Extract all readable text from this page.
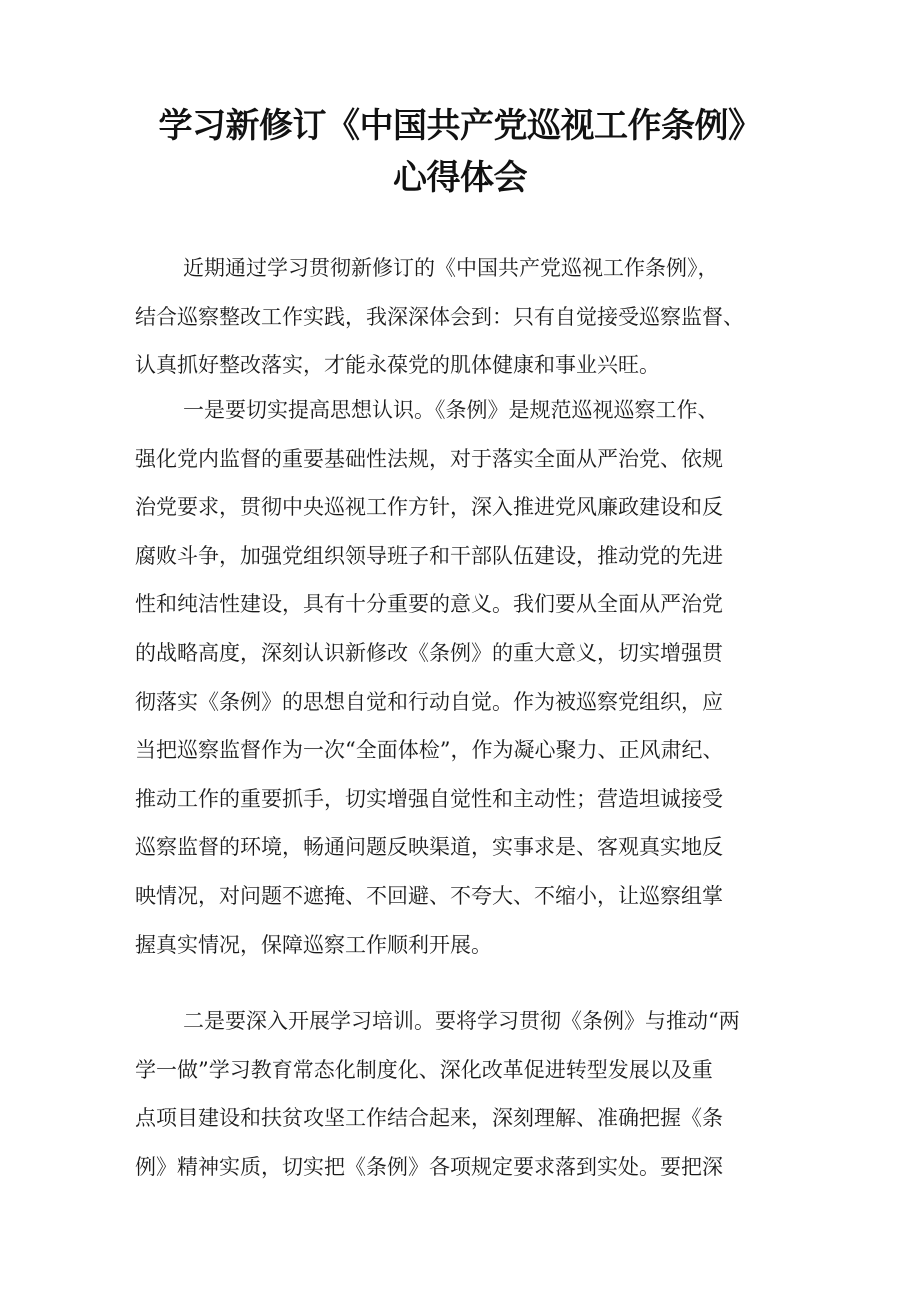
学习新修订《中国共产党巡视工作条例》
心得体会
近期通过学习贯彻新修订的《中国共产党巡视工作条例》，
结合巡察整改工作实践，我深深体会到：只有自觉接受巡察监督、
认真抓好整改落实，才能永葆党的肌体健康和事业兴旺。
一是要切实提高思想认识。《条例》是规范巡视巡察工作、
强化党内监督的重要基础性法规，对于落实全面从严治党、依规
治党要求，贯彻中央巡视工作方针，深入推进党风廉政建设和反
腐败斗争，加强党组织领导班子和干部队伍建设，推动党的先进
性和纯洁性建设，具有十分重要的意义。我们要从全面从严治党
的战略高度，深刻认识新修改《条例》的重大意义，切实增强贯
彻落实《条例》的思想自觉和行动自觉。作为被巡察党组织，应
当把巡察监督作为一次“全面体检”，作为凝心聚力、正风肃纪、
推动工作的重要抓手，切实增强自觉性和主动性；营造坦诚接受
巡察监督的环境，畅通问题反映渠道，实事求是、客观真实地反
映情况，对问题不遮掩、不回避、不夸大、不缩小，让巡察组掌
握真实情况，保障巡察工作顺利开展。
二是要深入开展学习培训。要将学习贯彻《条例》与推动“两
学一做”学习教育常态化制度化、深化改革促进转型发展以及重
点项目建设和扶贫攻坚工作结合起来，深刻理解、准确把握《条
例》精神实质，切实把《条例》各项规定要求落到实处。要把深
